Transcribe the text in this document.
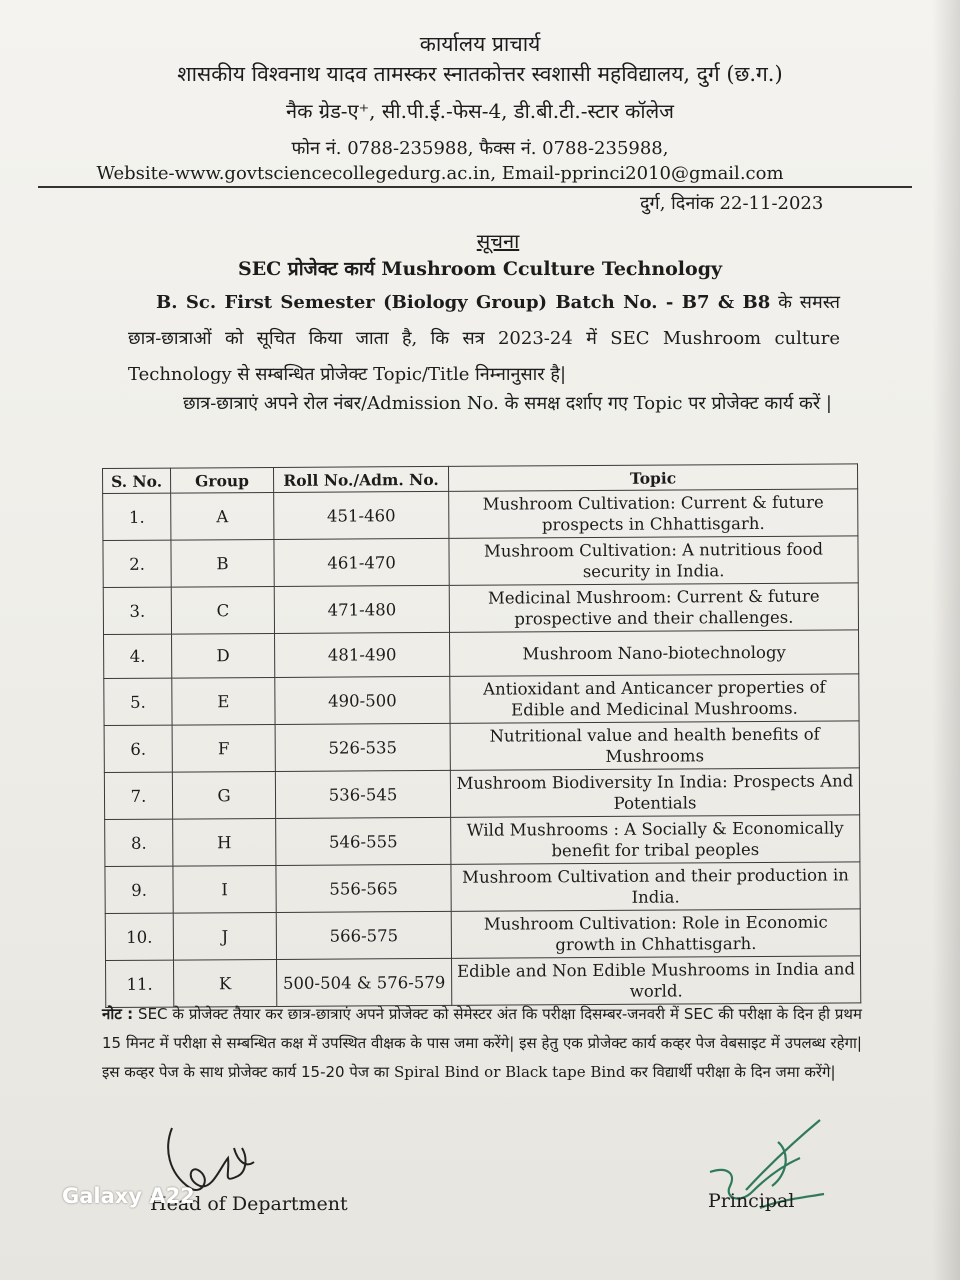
कार्यालय प्राचार्य
शासकीय विश्वनाथ यादव तामस्कर स्नातकोत्तर स्वशासी महविद्यालय, दुर्ग (छ.ग.)
नैक ग्रेड-ए⁺, सी.पी.ई.-फेस-4, डी.बी.टी.-स्टार कॉलेज
फोन नं. 0788-235988, फैक्स नं. 0788-235988,
Website-www.govtsciencecollegedurg.ac.in, Email-pprinci2010@gmail.com
दुर्ग, दिनांक 22-11-2023
सूचना
SEC प्रोजेक्ट कार्य Mushroom Cculture Technology
B. Sc. First Semester (Biology Group) Batch No. - B7 & B8 के समस्त छात्र-छात्राओं को सूचित किया जाता है, कि सत्र 2023-24 में SEC Mushroom culture Technology से सम्बन्धित प्रोजेक्ट Topic/Title निम्नानुसार है|
छात्र-छात्राएं अपने रोल नंबर/Admission No. के समक्ष दर्शाए गए Topic पर प्रोजेक्ट कार्य करें |
S. No.	Group	Roll No./Adm. No.	Topic
1.	A	451-460	Mushroom Cultivation: Current & future prospects in Chhattisgarh.
2.	B	461-470	Mushroom Cultivation: A nutritious food security in India.
3.	C	471-480	Medicinal Mushroom: Current & future prospective and their challenges.
4.	D	481-490	Mushroom Nano-biotechnology
5.	E	490-500	Antioxidant and Anticancer properties of Edible and Medicinal Mushrooms.
6.	F	526-535	Nutritional value and health benefits of Mushrooms
7.	G	536-545	Mushroom Biodiversity In India: Prospects And Potentials
8.	H	546-555	Wild Mushrooms : A Socially & Economically benefit for tribal peoples
9.	I	556-565	Mushroom Cultivation and their production in India.
10.	J	566-575	Mushroom Cultivation: Role in Economic growth in Chhattisgarh.
11.	K	500-504 & 576-579	Edible and Non Edible Mushrooms in India and world.
नोट : SEC के प्रोजेक्ट तैयार कर छात्र-छात्राएं अपने प्रोजेक्ट को सेमेस्टर अंत कि परीक्षा दिसम्बर-जनवरी में SEC की परीक्षा के दिन ही प्रथम 15 मिनट में परीक्षा से सम्बन्धित कक्ष में उपस्थित वीक्षक के पास जमा करेंगे| इस हेतु एक प्रोजेक्ट कार्य कव्हर पेज वेबसाइट में उपलब्ध रहेगा| इस कव्हर पेज के साथ प्रोजेक्ट कार्य 15-20 पेज का Spiral Bind or Black tape Bind कर विद्यार्थी परीक्षा के दिन जमा करेंगे|
Head of Department	Principal
Galaxy A22
